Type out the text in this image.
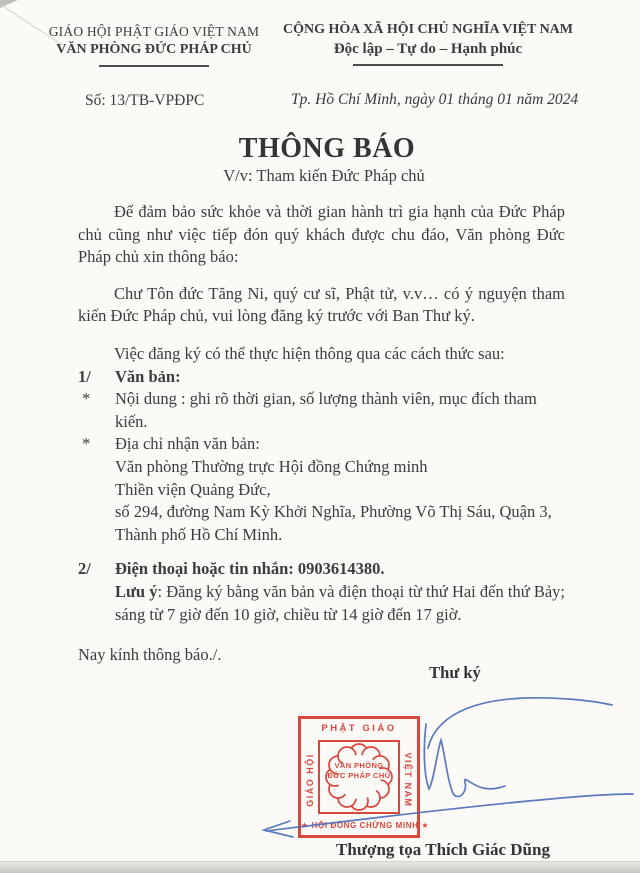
GIÁO HỘI PHẬT GIÁO VIỆT NAM
VĂN PHÒNG ĐỨC PHÁP CHỦ
CỘNG HÒA XÃ HỘI CHỦ NGHĨA VIỆT NAM
Độc lập – Tự do – Hạnh phúc
Số: 13/TB-VPĐPC	Tp. Hồ Chí Minh, ngày 01 tháng 01 năm 2024
THÔNG BÁO
V/v: Tham kiến Đức Pháp chủ

Để đảm bảo sức khỏe và thời gian hành trì gia hạnh của Đức Pháp chủ cũng như việc tiếp đón quý khách được chu đáo, Văn phòng Đức Pháp chủ xin thông báo:

Chư Tôn đức Tăng Ni, quý cư sĩ, Phật tử, v.v… có ý nguyện tham kiến Đức Pháp chủ, vui lòng đăng ký trước với Ban Thư ký.

Việc đăng ký có thể thực hiện thông qua các cách thức sau:

1/	Văn bản:
*	Nội dung : ghi rõ thời gian, số lượng thành viên, mục đích tham kiến.
*	Địa chỉ nhận văn bản:
Văn phòng Thường trực Hội đồng Chứng minh
Thiền viện Quảng Đức,
số 294, đường Nam Kỳ Khởi Nghĩa, Phường Võ Thị Sáu, Quận 3,
Thành phố Hồ Chí Minh.
2/	Điện thoại hoặc tin nhắn: 0903614380.
Lưu ý: Đăng ký bằng văn bản và điện thoại từ thứ Hai đến thứ Bảy; sáng từ 7 giờ đến 10 giờ, chiều từ 14 giờ đến 17 giờ.

Nay kính thông báo./.

Thư ký
PHẬT GIÁO
GIÁO HỘI	VIỆT NAM
VĂN PHÒNG
ĐỨC PHÁP CHỦ
★ HỘI ĐỒNG CHỨNG MINH ★
Thượng tọa Thích Giác Dũng
